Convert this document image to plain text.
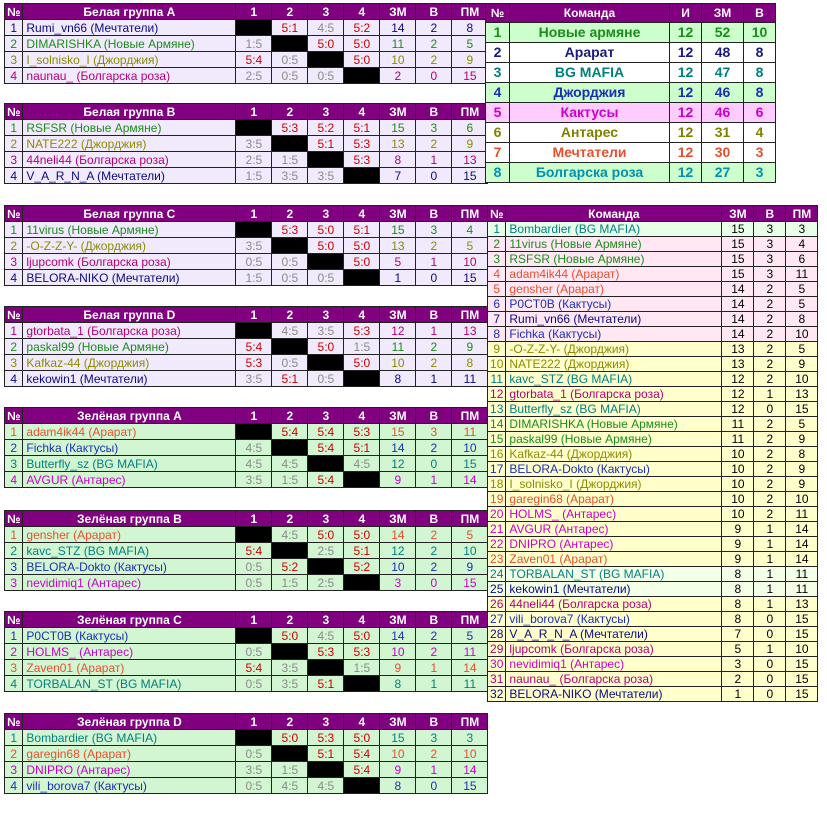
№	Белая группа A	1	2	3	4	ЗМ	В	ПМ
1	Rumi_vn66 (Мечтатели)		5:1	4:5	5:2	14	2	8
2	DIMARISHKA (Новые Армяне)	1:5		5:0	5:0	11	2	5
3	I_solnisko_I (Джорджия)	5:4	0:5		5:0	10	2	9
4	naunau_ (Болгарска роза)	2:5	0:5	0:5		2	0	15
№	Белая группа B	1	2	3	4	ЗМ	В	ПМ
1	RSFSR (Новые Армяне)		5:3	5:2	5:1	15	3	6
2	NATE222 (Джорджия)	3:5		5:1	5:3	13	2	9
3	44neli44 (Болгарска роза)	2:5	1:5		5:3	8	1	13
4	V_A_R_N_A (Мечтатели)	1:5	3:5	3:5		7	0	15
№	Белая группа C	1	2	3	4	ЗМ	В	ПМ
1	11virus (Новые Армяне)		5:3	5:0	5:1	15	3	4
2	-O-Z-Z-Y- (Джорджия)	3:5		5:0	5:0	13	2	5
3	ljupcomk (Болгарска роза)	0:5	0:5		5:0	5	1	10
4	BELORA-NIKO (Мечтатели)	1:5	0:5	0:5		1	0	15
№	Белая группа D	1	2	3	4	ЗМ	В	ПМ
1	gtorbata_1 (Болгарска роза)		4:5	3:5	5:3	12	1	13
2	paskal99 (Новые Армяне)	5:4		5:0	1:5	11	2	9
3	Kafkaz-44 (Джорджия)	5:3	0:5		5:0	10	2	8
4	kekowin1 (Мечтатели)	3:5	5:1	0:5		8	1	11
№	Зелёная группа A	1	2	3	4	ЗМ	В	ПМ
1	adam4ik44 (Арарат)		5:4	5:4	5:3	15	3	11
2	Fichka (Кактусы)	4:5		5:4	5:1	14	2	10
3	Butterfly_sz (BG MAFIA)	4:5	4:5		4:5	12	0	15
4	AVGUR (Антарес)	3:5	1:5	5:4		9	1	14
№	Зелёная группа B	1	2	3	4	ЗМ	В	ПМ
1	gensher (Арарат)		4:5	5:0	5:0	14	2	5
2	kavc_STZ (BG MAFIA)	5:4		2:5	5:1	12	2	10
3	BELORA-Dokto (Кактусы)	0:5	5:2		5:2	10	2	9
3	nevidimiq1 (Антарес)	0:5	1:5	2:5		3	0	15
№	Зелёная группа C	1	2	3	4	ЗМ	В	ПМ
1	P0CT0B (Кактусы)		5:0	4:5	5:0	14	2	5
2	HOLMS_ (Антарес)	0:5		5:3	5:3	10	2	11
3	Zaven01 (Арарат)	5:4	3:5		1:5	9	1	14
4	TORBALAN_ST (BG MAFIA)	0:5	3:5	5:1		8	1	11
№	Зелёная группа D	1	2	3	4	ЗМ	В	ПМ
1	Bombardier (BG MAFIA)		5:0	5:3	5:0	15	3	3
2	garegin68 (Арарат)	0:5		5:1	5:4	10	2	10
3	DNIPRO (Антарес)	3:5	1:5		5:4	9	1	14
4	vili_borova7 (Кактусы)	0:5	4:5	4:5		8	0	15
№	Команда	И	ЗМ	В
1	Новые армяне	12	52	10
2	Арарат	12	48	8
3	BG MAFIA	12	47	8
4	Джорджия	12	46	8
5	Кактусы	12	46	6
6	Антарес	12	31	4
7	Мечтатели	12	30	3
8	Болгарска роза	12	27	3
№	Команда	ЗМ	В	ПМ
1	Bombardier (BG MAFIA)	15	3	3
2	11virus (Новые Армяне)	15	3	4
3	RSFSR (Новые Армяне)	15	3	6
4	adam4ik44 (Арарат)	15	3	11
5	gensher (Арарат)	14	2	5
6	P0CT0B (Кактусы)	14	2	5
7	Rumi_vn66 (Мечтатели)	14	2	8
8	Fichka (Кактусы)	14	2	10
9	-O-Z-Z-Y- (Джорджия)	13	2	5
10	NATE222 (Джорджия)	13	2	9
11	kavc_STZ (BG MAFIA)	12	2	10
12	gtorbata_1 (Болгарска роза)	12	1	13
13	Butterfly_sz (BG MAFIA)	12	0	15
14	DIMARISHKA (Новые Армяне)	11	2	5
15	paskal99 (Новые Армяне)	11	2	9
16	Kafkaz-44 (Джорджия)	10	2	8
17	BELORA-Dokto (Кактусы)	10	2	9
18	I_solnisko_I (Джорджия)	10	2	9
19	garegin68 (Арарат)	10	2	10
20	HOLMS_ (Антарес)	10	2	11
21	AVGUR (Антарес)	9	1	14
22	DNIPRO (Антарес)	9	1	14
23	Zaven01 (Арарат)	9	1	14
24	TORBALAN_ST (BG MAFIA)	8	1	11
25	kekowin1 (Мечтатели)	8	1	11
26	44neli44 (Болгарска роза)	8	1	13
27	vili_borova7 (Кактусы)	8	0	15
28	V_A_R_N_A (Мечтатели)	7	0	15
29	ljupcomk (Болгарска роза)	5	1	10
30	nevidimiq1 (Антарес)	3	0	15
31	naunau_ (Болгарска роза)	2	0	15
32	BELORA-NIKO (Мечтатели)	1	0	15
